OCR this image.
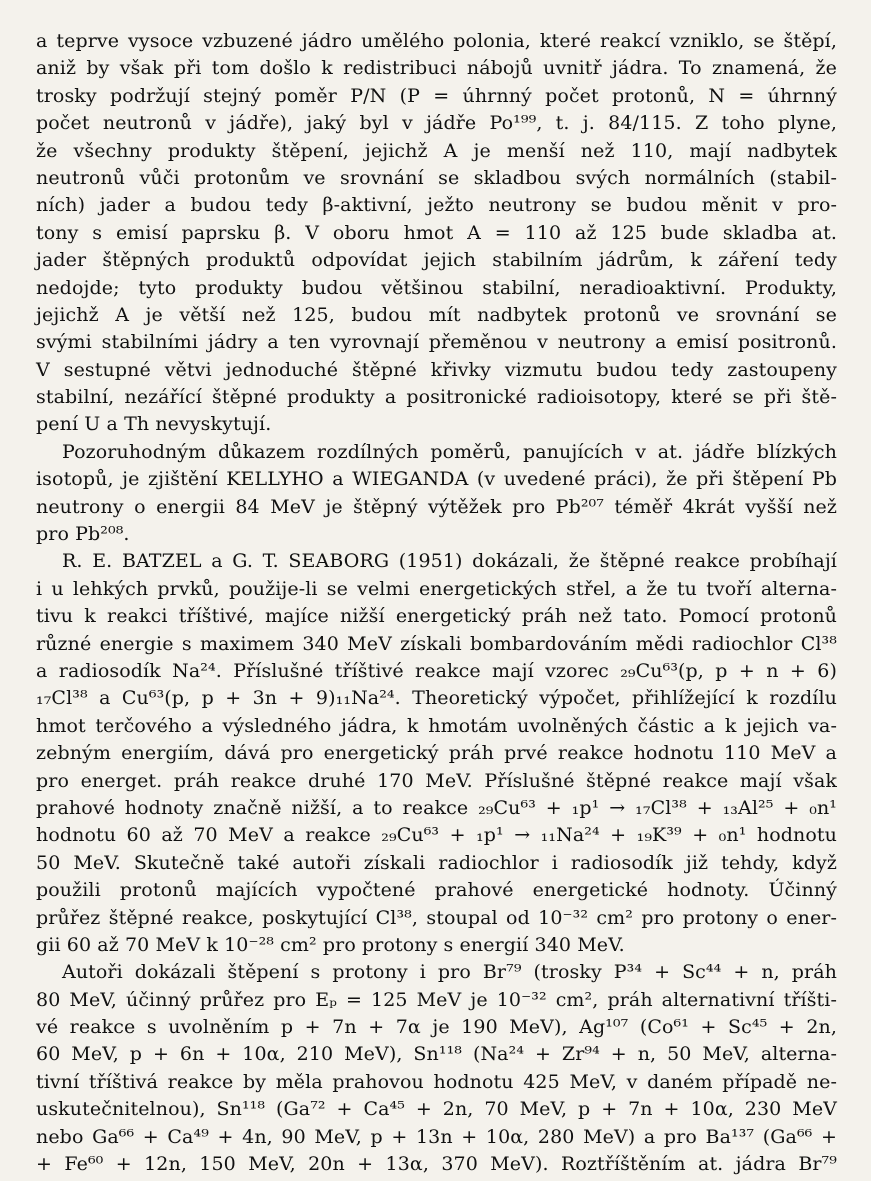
a teprve vysoce vzbuzené jádro umělého polonia, které reakcí vzniklo, se štěpí,
aniž by však při tom došlo k redistribuci nábojů uvnitř jádra. To znamená, že
trosky podržují stejný poměr P/N (P = úhrnný počet protonů, N = úhrnný
počet neutronů v jádře), jaký byl v jádře Po¹⁹⁹, t. j. 84/115. Z toho plyne,
že všechny produkty štěpení, jejichž A je menší než 110, mají nadbytek
neutronů vůči protonům ve srovnání se skladbou svých normálních (stabil-
ních) jader a budou tedy β-aktivní, ježto neutrony se budou měnit v pro-
tony s emisí paprsku β. V oboru hmot A = 110 až 125 bude skladba at.
jader štěpných produktů odpovídat jejich stabilním jádrům, k záření tedy
nedojde; tyto produkty budou většinou stabilní, neradioaktivní. Produkty,
jejichž A je větší než 125, budou mít nadbytek protonů ve srovnání se
svými stabilními jádry a ten vyrovnají přeměnou v neutrony a emisí positronů.
V sestupné větvi jednoduché štěpné křivky vizmutu budou tedy zastoupeny
stabilní, nezářící štěpné produkty a positronické radioisotopy, které se při ště-
pení U a Th nevyskytují.
Pozoruhodným důkazem rozdílných poměrů, panujících v at. jádře blízkých
isotopů, je zjištění KELLYHO a WIEGANDA (v uvedené práci), že při štěpení Pb
neutrony o energii 84 MeV je štěpný výtěžek pro Pb²⁰⁷ téměř 4krát vyšší než
pro Pb²⁰⁸.
R. E. BATZEL a G. T. SEABORG (1951) dokázali, že štěpné reakce probíhají
i u lehkých prvků, použije-li se velmi energetických střel, a že tu tvoří alterna-
tivu k reakci tříštivé, majíce nižší energetický práh než tato. Pomocí protonů
různé energie s maximem 340 MeV získali bombardováním mědi radiochlor Cl³⁸
a radiosodík Na²⁴. Příslušné tříštivé reakce mají vzorec ₂₉Cu⁶³(p, p + n + 6)
₁₇Cl³⁸ a Cu⁶³(p, p + 3n + 9)₁₁Na²⁴. Theoretický výpočet, přihlížející k rozdílu
hmot terčového a výsledného jádra, k hmotám uvolněných částic a k jejich va-
zebným energiím, dává pro energetický práh prvé reakce hodnotu 110 MeV a
pro energet. práh reakce druhé 170 MeV. Příslušné štěpné reakce mají však
prahové hodnoty značně nižší, a to reakce ₂₉Cu⁶³ + ₁p¹ → ₁₇Cl³⁸ + ₁₃Al²⁵ + ₀n¹
hodnotu 60 až 70 MeV a reakce ₂₉Cu⁶³ + ₁p¹ → ₁₁Na²⁴ + ₁₉K³⁹ + ₀n¹ hodnotu
50 MeV. Skutečně také autoři získali radiochlor i radiosodík již tehdy, když
použili protonů majících vypočtené prahové energetické hodnoty. Účinný
průřez štěpné reakce, poskytující Cl³⁸, stoupal od 10⁻³² cm² pro protony o ener-
gii 60 až 70 MeV k 10⁻²⁸ cm² pro protony s energií 340 MeV.
Autoři dokázali štěpení s protony i pro Br⁷⁹ (trosky P³⁴ + Sc⁴⁴ + n, práh
80 MeV, účinný průřez pro Eₚ = 125 MeV je 10⁻³² cm², práh alternativní tříšti-
vé reakce s uvolněním p + 7n + 7α je 190 MeV), Ag¹⁰⁷ (Co⁶¹ + Sc⁴⁵ + 2n,
60 MeV, p + 6n + 10α, 210 MeV), Sn¹¹⁸ (Na²⁴ + Zr⁹⁴ + n, 50 MeV, alterna-
tivní tříštivá reakce by měla prahovou hodnotu 425 MeV, v daném případě ne-
uskutečnitelnou), Sn¹¹⁸ (Ga⁷² + Ca⁴⁵ + 2n, 70 MeV, p + 7n + 10α, 230 MeV
nebo Ga⁶⁶ + Ca⁴⁹ + 4n, 90 MeV, p + 13n + 10α, 280 MeV) a pro Ba¹³⁷ (Ga⁶⁶ +
+ Fe⁶⁰ + 12n, 150 MeV, 20n + 13α, 370 MeV). Roztříštěním at. jádra Br⁷⁹
